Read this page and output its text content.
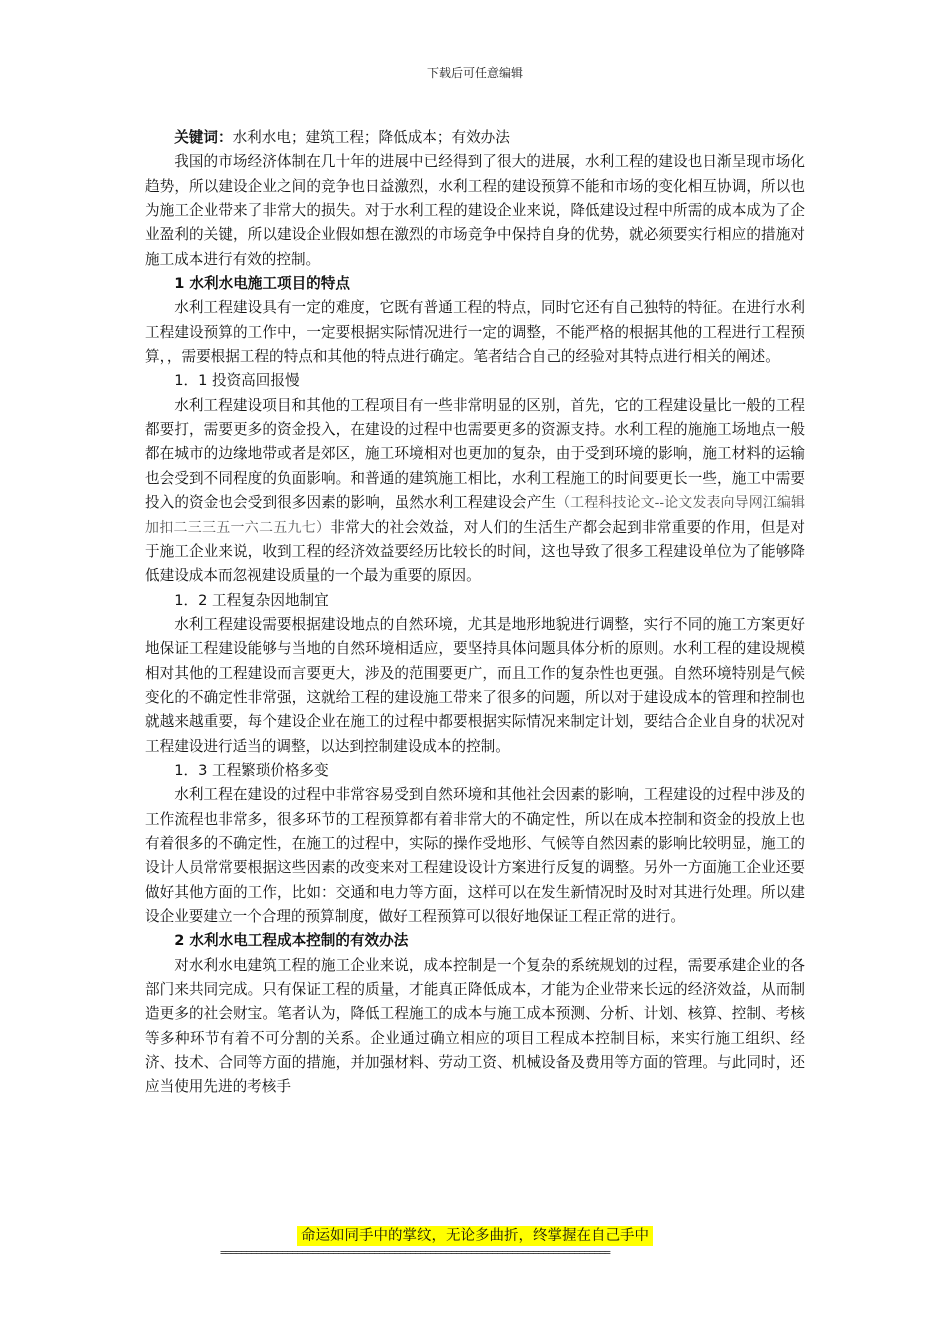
下载后可任意编辑

关键词：水利水电；建筑工程；降低成本；有效办法

我国的市场经济体制在几十年的进展中已经得到了很大的进展，水利工程的建设也日渐呈现市场化趋势，所以建设企业之间的竞争也日益激烈，水利工程的建设预算不能和市场的变化相互协调，所以也为施工企业带来了非常大的损失。对于水利工程的建设企业来说，降低建设过程中所需的成本成为了企业盈利的关键，所以建设企业假如想在激烈的市场竞争中保持自身的优势，就必须要实行相应的措施对施工成本进行有效的控制。

1 水利水电施工项目的特点

水利工程建设具有一定的难度，它既有普通工程的特点，同时它还有自己独特的特征。在进行水利工程建设预算的工作中，一定要根据实际情况进行一定的调整，不能严格的根据其他的工程进行工程预算，，需要根据工程的特点和其他的特点进行确定。笔者结合自己的经验对其特点进行相关的阐述。

1．1 投资高回报慢

水利工程建设项目和其他的工程项目有一些非常明显的区别，首先，它的工程建设量比一般的工程都要打，需要更多的资金投入，在建设的过程中也需要更多的资源支持。水利工程的施施工场地点一般都在城市的边缘地带或者是郊区，施工环境相对也更加的复杂，由于受到环境的影响，施工材料的运输也会受到不同程度的负面影响。和普通的建筑施工相比，水利工程施工的时间要更长一些，施工中需要投入的资金也会受到很多因素的影响，虽然水利工程建设会产生（工程科技论文--论文发表向导网江编辑加扣二三三五一六二五九七）非常大的社会效益，对人们的生活生产都会起到非常重要的作用，但是对于施工企业来说，收到工程的经济效益要经历比较长的时间，这也导致了很多工程建设单位为了能够降低建设成本而忽视建设质量的一个最为重要的原因。

1．2 工程复杂因地制宜

水利工程建设需要根据建设地点的自然环境，尤其是地形地貌进行调整，实行不同的施工方案更好地保证工程建设能够与当地的自然环境相适应，要坚持具体问题具体分析的原则。水利工程的建设规模相对其他的工程建设而言要更大，涉及的范围要更广，而且工作的复杂性也更强。自然环境特别是气候变化的不确定性非常强，这就给工程的建设施工带来了很多的问题，所以对于建设成本的管理和控制也就越来越重要，每个建设企业在施工的过程中都要根据实际情况来制定计划，要结合企业自身的状况对工程建设进行适当的调整，以达到控制建设成本的控制。

1．3 工程繁琐价格多变

水利工程在建设的过程中非常容易受到自然环境和其他社会因素的影响，工程建设的过程中涉及的工作流程也非常多，很多环节的工程预算都有着非常大的不确定性，所以在成本控制和资金的投放上也有着很多的不确定性，在施工的过程中，实际的操作受地形、气候等自然因素的影响比较明显，施工的设计人员常常要根据这些因素的改变来对工程建设设计方案进行反复的调整。另外一方面施工企业还要做好其他方面的工作，比如：交通和电力等方面，这样可以在发生新情况时及时对其进行处理。所以建设企业要建立一个合理的预算制度，做好工程预算可以很好地保证工程正常的进行。

2 水利水电工程成本控制的有效办法

对水利水电建筑工程的施工企业来说，成本控制是一个复杂的系统规划的过程，需要承建企业的各部门来共同完成。只有保证工程的质量，才能真正降低成本，才能为企业带来长远的经济效益，从而制造更多的社会财宝。笔者认为，降低工程施工的成本与施工成本预测、分析、计划、核算、控制、考核等多种环节有着不可分割的关系。企业通过确立相应的项目工程成本控制目标，来实行施工组织、经济、技术、合同等方面的措施，并加强材料、劳动工资、机械设备及费用等方面的管理。与此同时，还应当使用先进的考核手

命运如同手中的掌纹，无论多曲折，终掌握在自己手中
============================================================================
